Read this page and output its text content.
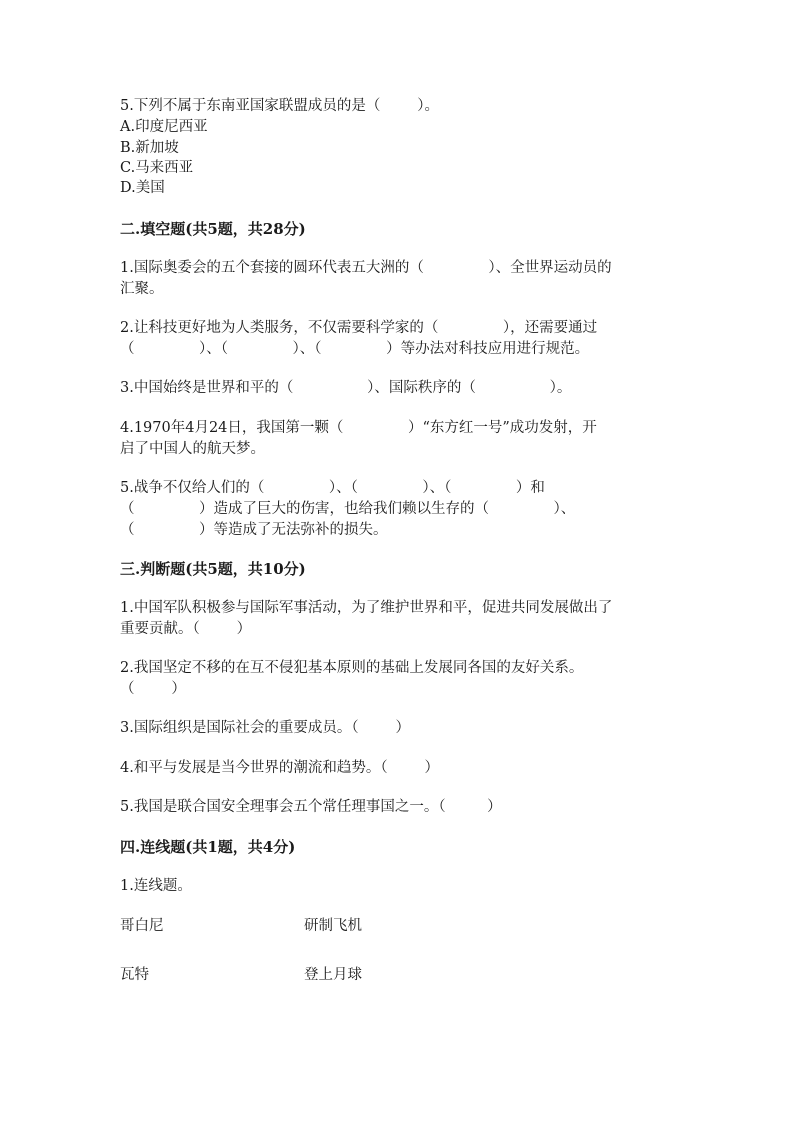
5.下列不属于东南亚国家联盟成员的是（        ）。

A.印度尼西亚

B.新加坡

C.马来西亚

D.美国

二.填空题(共5题，共28分)

1.国际奥委会的五个套接的圆环代表五大洲的（              ）、全世界运动员的

汇聚。

2.让科技更好地为人类服务，不仅需要科学家的（              ），还需要通过

（              ）、（              ）、（              ）等办法对科技应用进行规范。

3.中国始终是世界和平的（                ）、国际秩序的（                ）。

4.1970年4月24日，我国第一颗（              ）“东方红一号”成功发射，开

启了中国人的航天梦。

5.战争不仅给人们的（              ）、（              ）、（              ）和

（              ）造成了巨大的伤害，也给我们赖以生存的（              ）、

（              ）等造成了无法弥补的损失。

三.判断题(共5题，共10分)

1.中国军队积极参与国际军事活动，为了维护世界和平，促进共同发展做出了

重要贡献。（        ）

2.我国坚定不移的在互不侵犯基本原则的基础上发展同各国的友好关系。

（        ）

3.国际组织是国际社会的重要成员。（        ）

4.和平与发展是当今世界的潮流和趋势。（        ）

5.我国是联合国安全理事会五个常任理事国之一。（         ）

四.连线题(共1题，共4分)

1.连线题。

哥白尼	研制飞机

瓦特	登上月球
